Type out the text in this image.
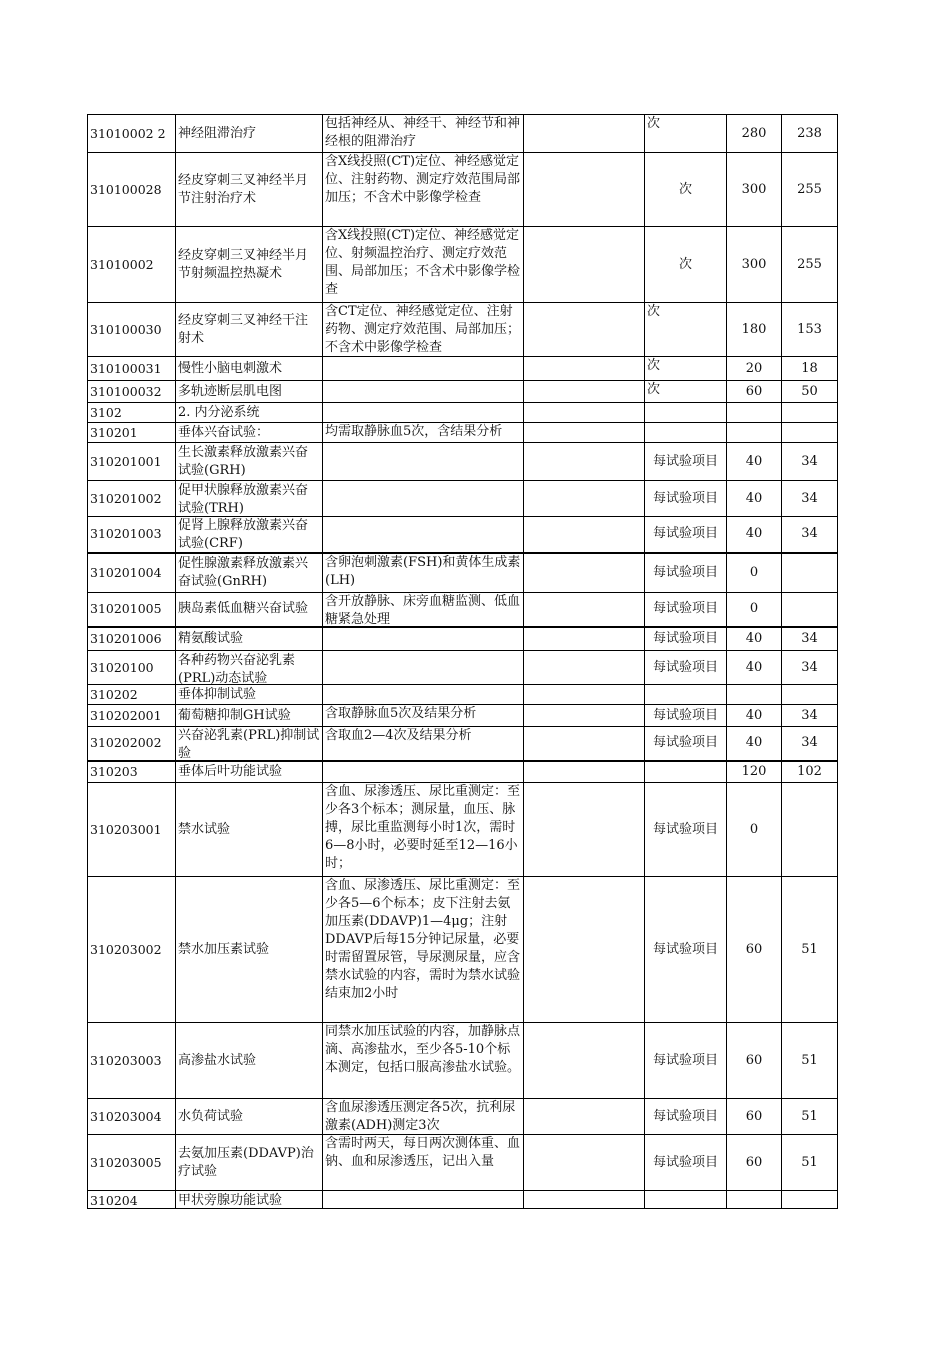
31010002 2	神经阻滞治疗	包括神经从、神经干、神经节和神经根的阻滞治疗		次	280	238

310100028	经皮穿刺三叉神经半月节注射治疗术	含X线投照(CT)定位、神经感觉定位、注射药物、测定疗效范围局部加压；不含术中影像学检查		次	300	255

31010002	经皮穿刺三叉神经半月节射频温控热凝术	含X线投照(CT)定位、神经感觉定位、射频温控治疗、测定疗效范围、局部加压；不含术中影像学检查		次	300	255

310100030	经皮穿刺三叉神经干注射术	含CT定位、神经感觉定位、注射药物、测定疗效范围、局部加压；不含术中影像学检查		次	180	153

310100031	慢性小脑电刺激术			次	20	18

310100032	多轨迹断层肌电图			次	60	50

3102	2. 内分泌系统					

310201	垂体兴奋试验：	均需取静脉血5次，含结果分析				

310201001	生长激素释放激素兴奋试验(GRH)			每试验项目	40	34

310201002	促甲状腺释放激素兴奋试验(TRH)			每试验项目	40	34

310201003	促肾上腺释放激素兴奋试验(CRF)			每试验项目	40	34

310201004	促性腺激素释放激素兴奋试验(GnRH)	含卵泡刺激素(FSH)和黄体生成素(LH)		每试验项目	0	

310201005	胰岛素低血糖兴奋试验	含开放静脉、床旁血糖监测、低血糖紧急处理		每试验项目	0	

310201006	精氨酸试验			每试验项目	40	34

31020100	各种药物兴奋泌乳素(PRL)动态试验			每试验项目	40	34

310202	垂体抑制试验					

310202001	葡萄糖抑制GH试验	含取静脉血5次及结果分析		每试验项目	40	34

310202002	兴奋泌乳素(PRL)抑制试验	含取血2—4次及结果分析		每试验项目	40	34

310203	垂体后叶功能试验				120	102

310203001	禁水试验	含血、尿渗透压、尿比重测定：至少各3个标本；测尿量，血压、脉搏，尿比重监测每小时1次，需时6—8小时，必要时延至12—16小时；		每试验项目	0	

310203002	禁水加压素试验	含血、尿渗透压、尿比重测定：至少各5—6个标本；皮下注射去氨加压素(DDAVP)1—4μg；注射DDAVP后每15分钟记尿量，必要时需留置尿管，导尿测尿量，应含禁水试验的内容，需时为禁水试验结束加2小时		每试验项目	60	51

310203003	高渗盐水试验	同禁水加压试验的内容，加静脉点滴、高渗盐水，至少各5-10个标本测定，包括口服高渗盐水试验。		每试验项目	60	51

310203004	水负荷试验	含血尿渗透压测定各5次，抗利尿激素(ADH)测定3次		每试验项目	60	51

310203005	去氨加压素(DDAVP)治疗试验	含需时两天，每日两次测体重、血钠、血和尿渗透压，记出入量		每试验项目	60	51

310204	甲状旁腺功能试验					
